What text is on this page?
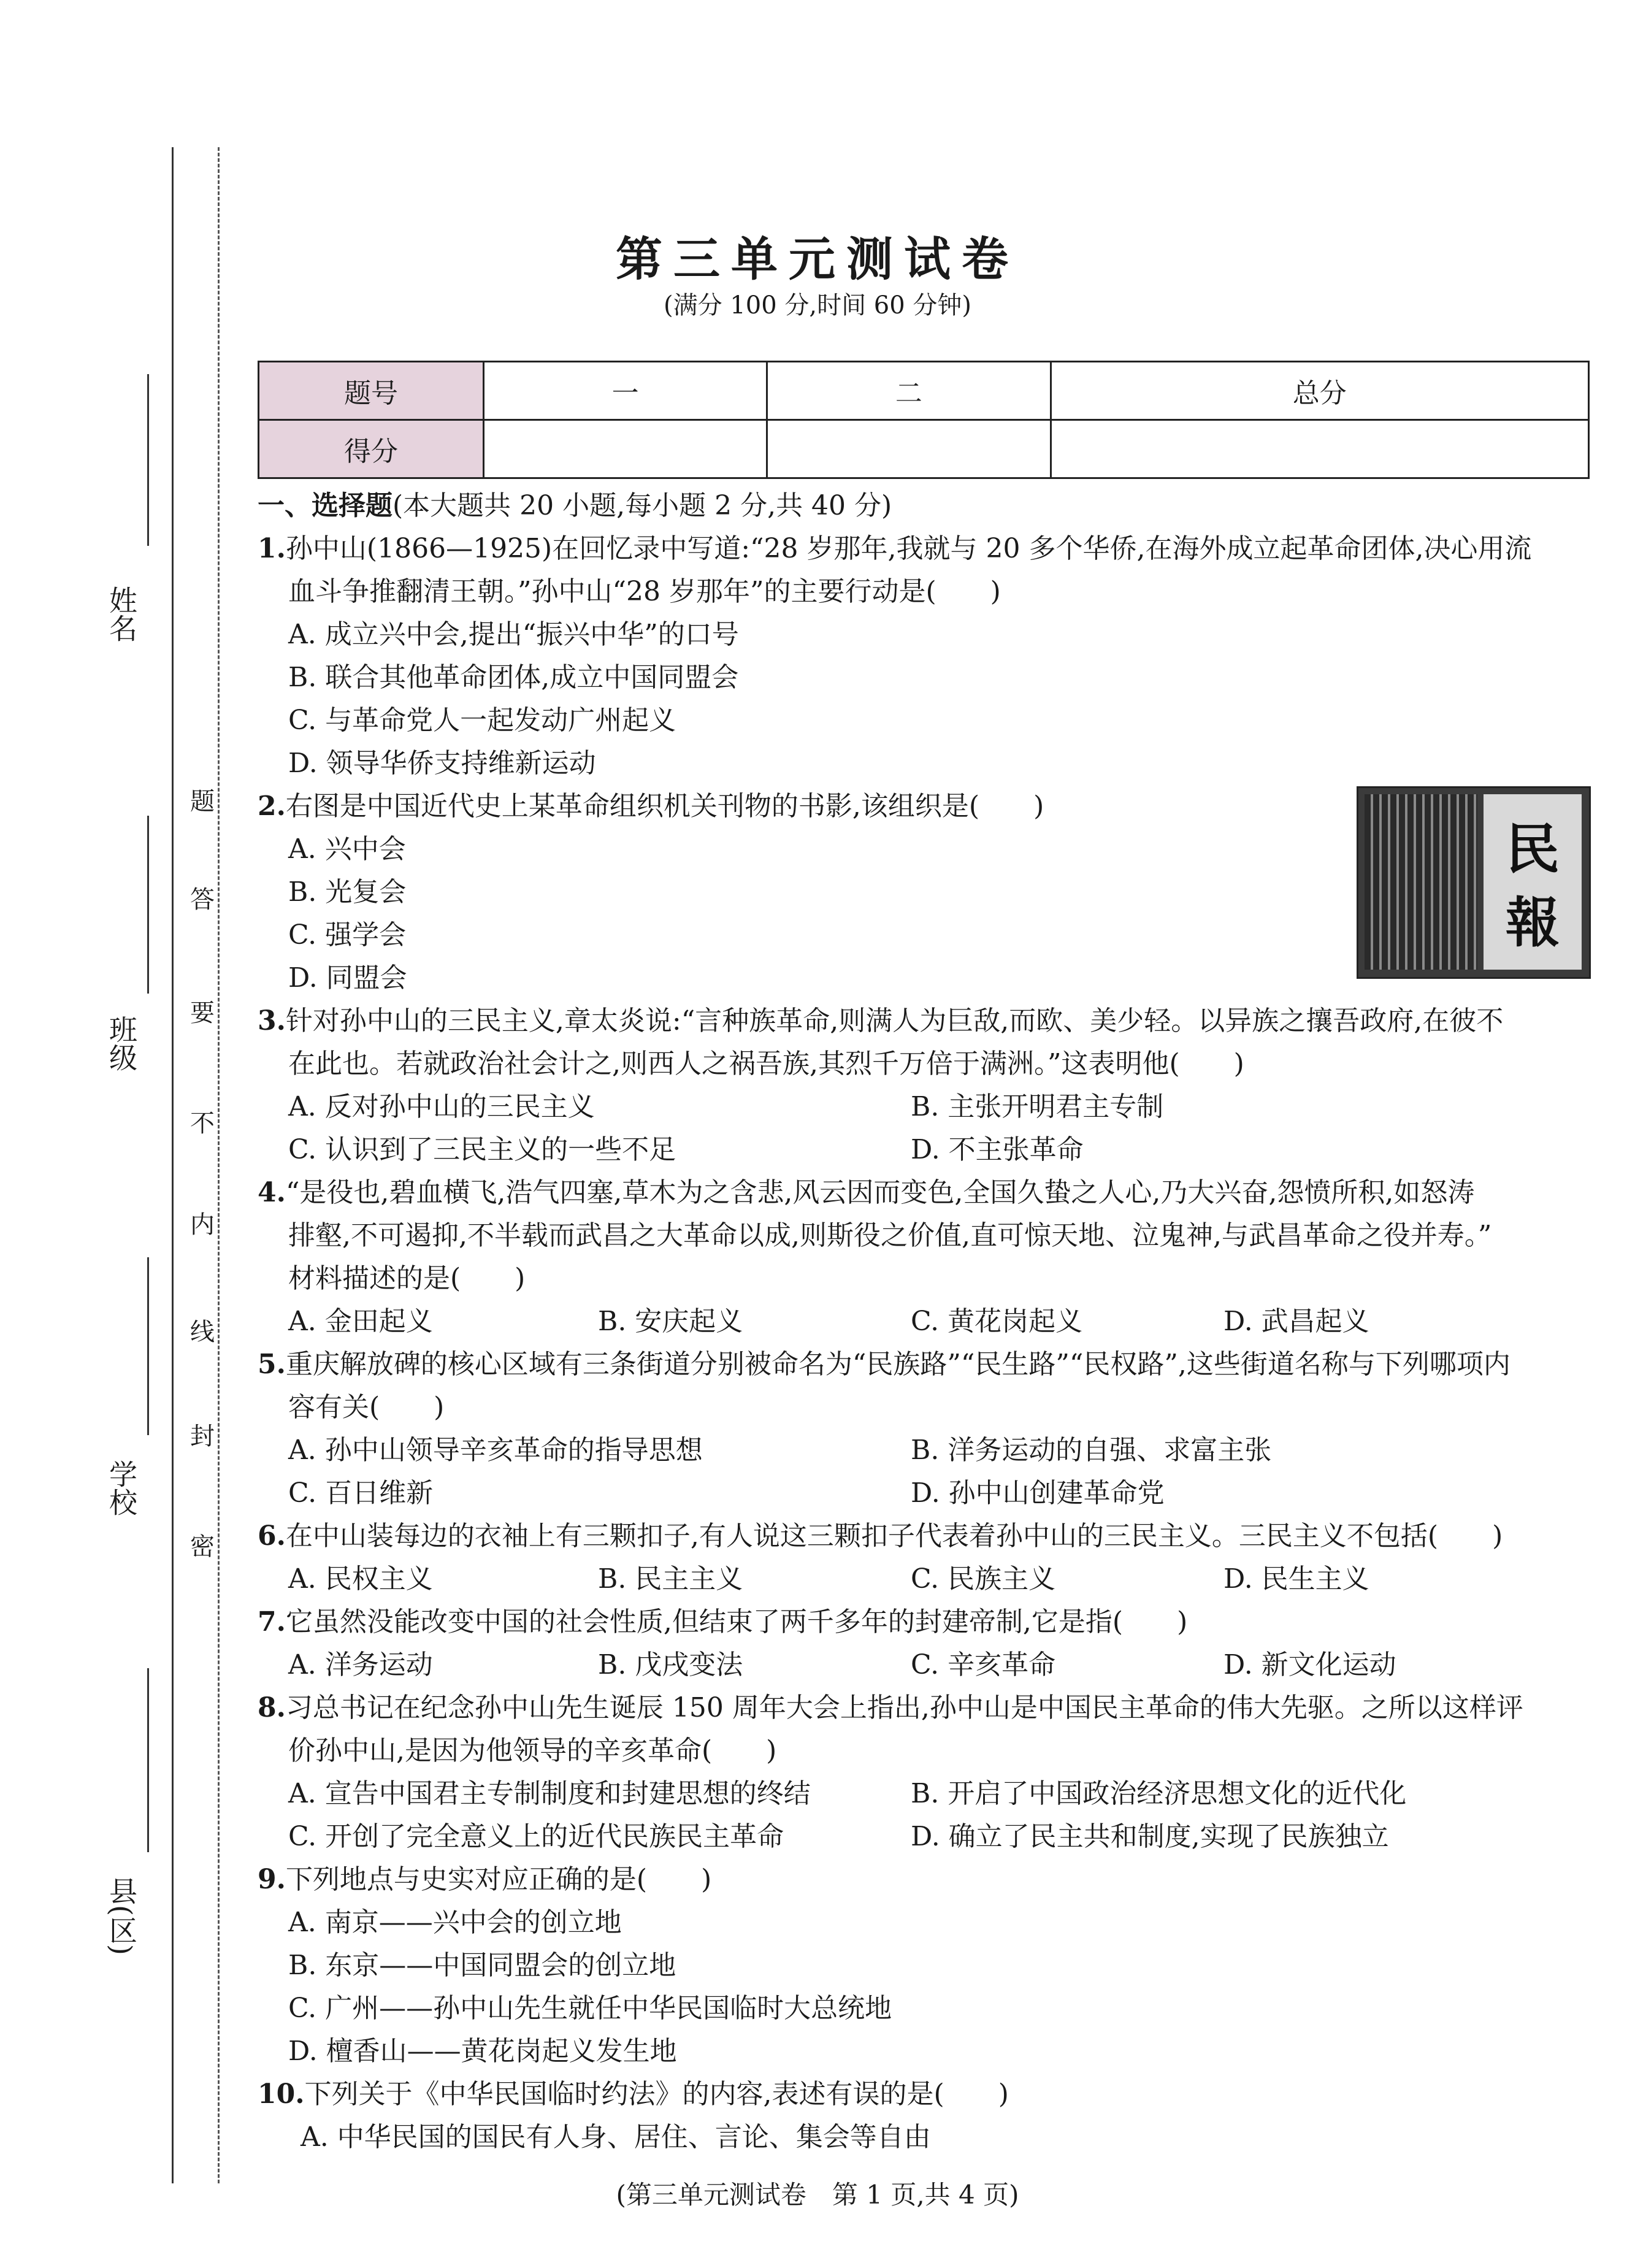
姓名
班级
学校
县(区)
题
答
要
不
内
线
封
密
第三单元测试卷
(满分 100 分,时间 60 分钟)
题号	一	二	总分
得分			
一、选择题(本大题共 20 小题,每小题 2 分,共 40 分)
1.孙中山(1866—1925)在回忆录中写道:“28 岁那年,我就与 20 多个华侨,在海外成立起革命团体,决心用流
血斗争推翻清王朝。”孙中山“28 岁那年”的主要行动是(　　)
A. 成立兴中会,提出“振兴中华”的口号
B. 联合其他革命团体,成立中国同盟会
C. 与革命党人一起发动广州起义
D. 领导华侨支持维新运动
2.右图是中国近代史上某革命组织机关刊物的书影,该组织是(　　)
A. 兴中会
B. 光复会
C. 强学会
D. 同盟会
民
報
3.针对孙中山的三民主义,章太炎说:“言种族革命,则满人为巨敌,而欧、美少轻。以异族之攘吾政府,在彼不
在此也。若就政治社会计之,则西人之祸吾族,其烈千万倍于满洲。”这表明他(　　)
A. 反对孙中山的三民主义	B. 主张开明君主专制
C. 认识到了三民主义的一些不足	D. 不主张革命
4.“是役也,碧血横飞,浩气四塞,草木为之含悲,风云因而变色,全国久蛰之人心,乃大兴奋,怨愤所积,如怒涛
排壑,不可遏抑,不半载而武昌之大革命以成,则斯役之价值,直可惊天地、泣鬼神,与武昌革命之役并寿。”
材料描述的是(　　)
A. 金田起义	B. 安庆起义	C. 黄花岗起义	D. 武昌起义
5.重庆解放碑的核心区域有三条街道分别被命名为“民族路”“民生路”“民权路”,这些街道名称与下列哪项内
容有关(　　)
A. 孙中山领导辛亥革命的指导思想	B. 洋务运动的自强、求富主张
C. 百日维新	D. 孙中山创建革命党
6.在中山装每边的衣袖上有三颗扣子,有人说这三颗扣子代表着孙中山的三民主义。三民主义不包括(　　)
A. 民权主义	B. 民主主义	C. 民族主义	D. 民生主义
7.它虽然没能改变中国的社会性质,但结束了两千多年的封建帝制,它是指(　　)
A. 洋务运动	B. 戊戌变法	C. 辛亥革命	D. 新文化运动
8.习总书记在纪念孙中山先生诞辰 150 周年大会上指出,孙中山是中国民主革命的伟大先驱。之所以这样评
价孙中山,是因为他领导的辛亥革命(　　)
A. 宣告中国君主专制制度和封建思想的终结	B. 开启了中国政治经济思想文化的近代化
C. 开创了完全意义上的近代民族民主革命	D. 确立了民主共和制度,实现了民族独立
9.下列地点与史实对应正确的是(　　)
A. 南京——兴中会的创立地
B. 东京——中国同盟会的创立地
C. 广州——孙中山先生就任中华民国临时大总统地
D. 檀香山——黄花岗起义发生地
10.下列关于《中华民国临时约法》的内容,表述有误的是(　　)
A. 中华民国的国民有人身、居住、言论、集会等自由
(第三单元测试卷　第 1 页,共 4 页)
